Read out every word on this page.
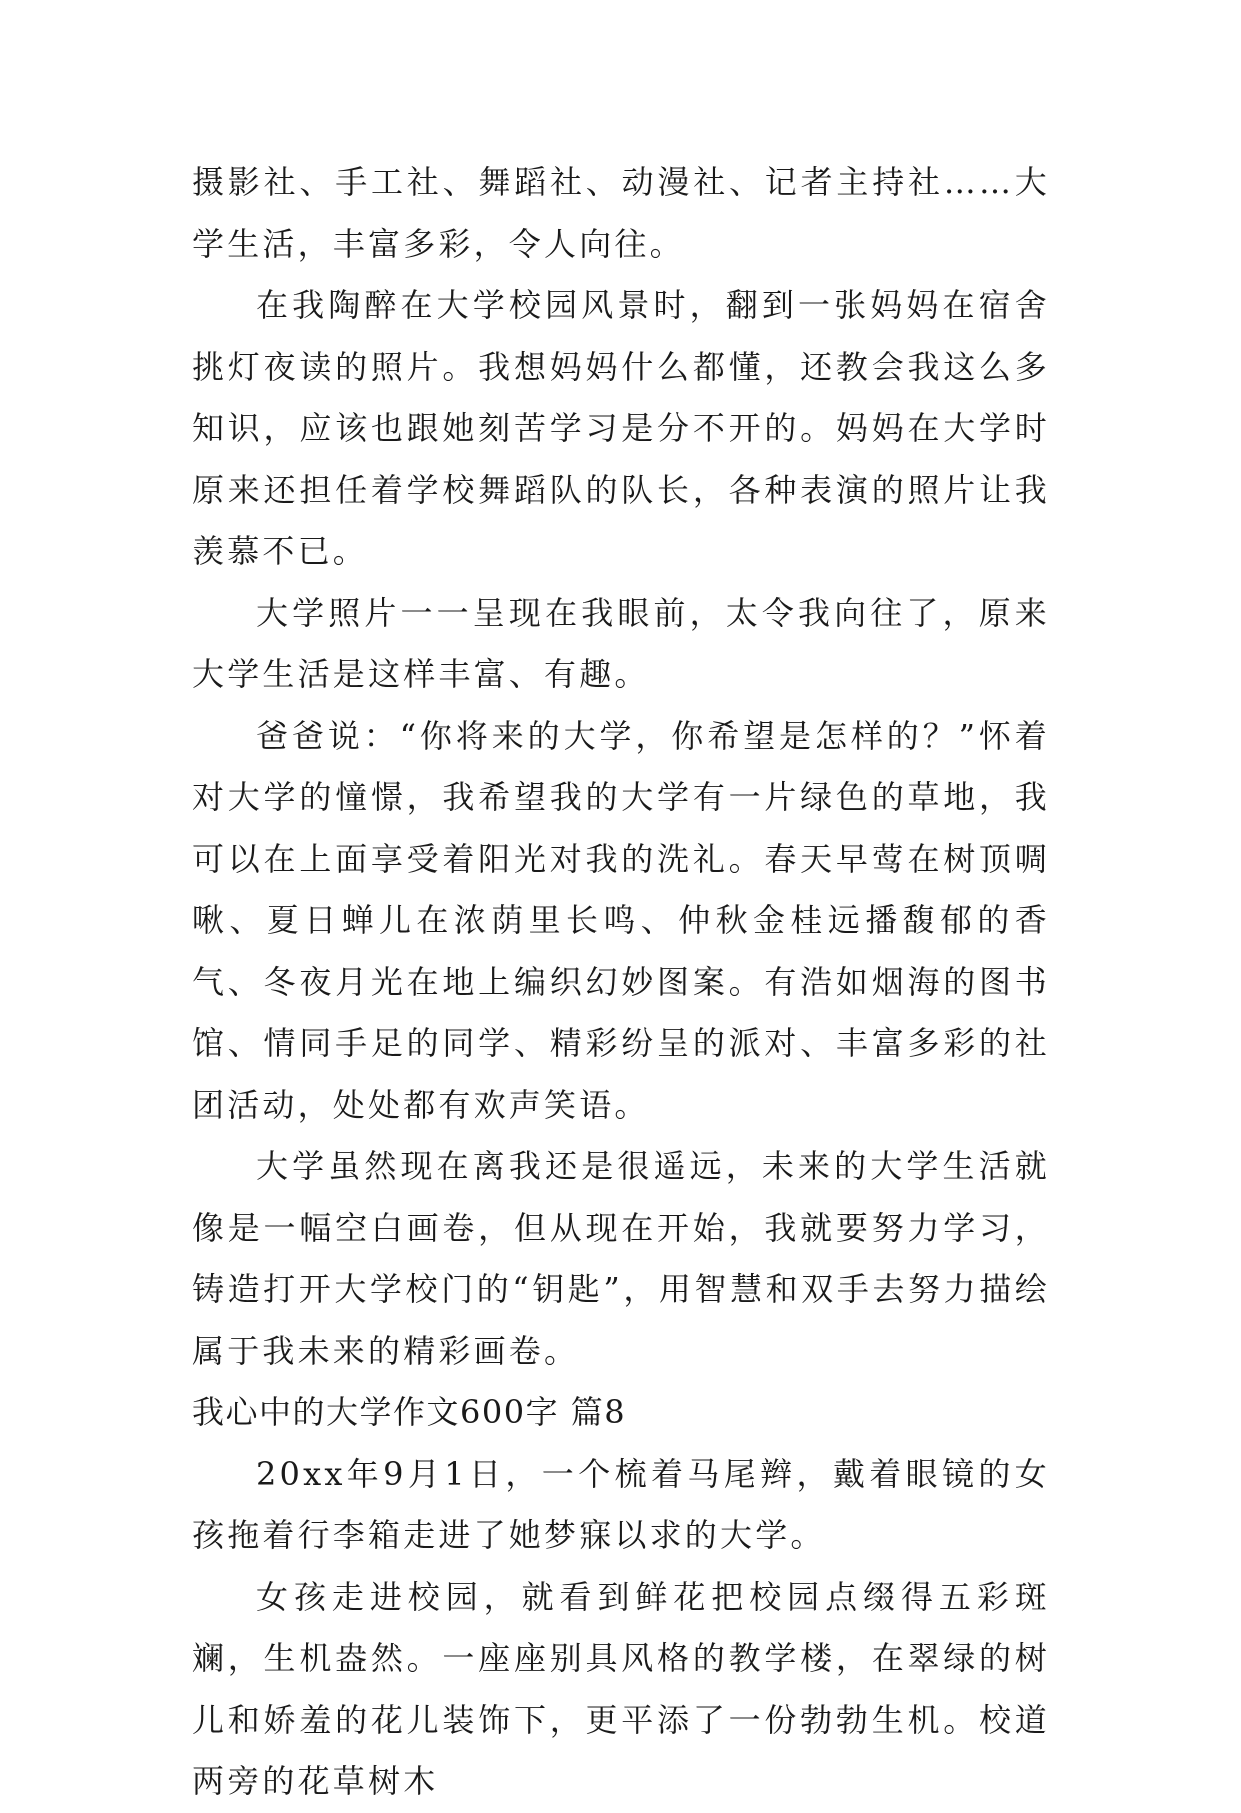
摄影社、手工社、舞蹈社、动漫社、记者主持社……大学生活，丰富多彩，令人向往。

在我陶醉在大学校园风景时，翻到一张妈妈在宿舍挑灯夜读的照片。我想妈妈什么都懂，还教会我这么多知识，应该也跟她刻苦学习是分不开的。妈妈在大学时原来还担任着学校舞蹈队的队长，各种表演的照片让我羡慕不已。

大学照片一一呈现在我眼前，太令我向往了，原来大学生活是这样丰富、有趣。

爸爸说：“你将来的大学，你希望是怎样的？”怀着对大学的憧憬，我希望我的大学有一片绿色的草地，我可以在上面享受着阳光对我的洗礼。春天早莺在树顶啁啾、夏日蝉儿在浓荫里长鸣、仲秋金桂远播馥郁的香气、冬夜月光在地上编织幻妙图案。有浩如烟海的图书馆、情同手足的同学、精彩纷呈的派对、丰富多彩的社团活动，处处都有欢声笑语。

大学虽然现在离我还是很遥远，未来的大学生活就像是一幅空白画卷，但从现在开始，我就要努力学习，铸造打开大学校门的“钥匙”，用智慧和双手去努力描绘属于我未来的精彩画卷。

我心中的大学作文600字 篇8

20xx年9月1日，一个梳着马尾辫，戴着眼镜的女孩拖着行李箱走进了她梦寐以求的大学。

女孩走进校园，就看到鲜花把校园点缀得五彩斑斓，生机盎然。一座座别具风格的教学楼，在翠绿的树儿和娇羞的花儿装饰下，更平添了一份勃勃生机。校道两旁的花草树木
